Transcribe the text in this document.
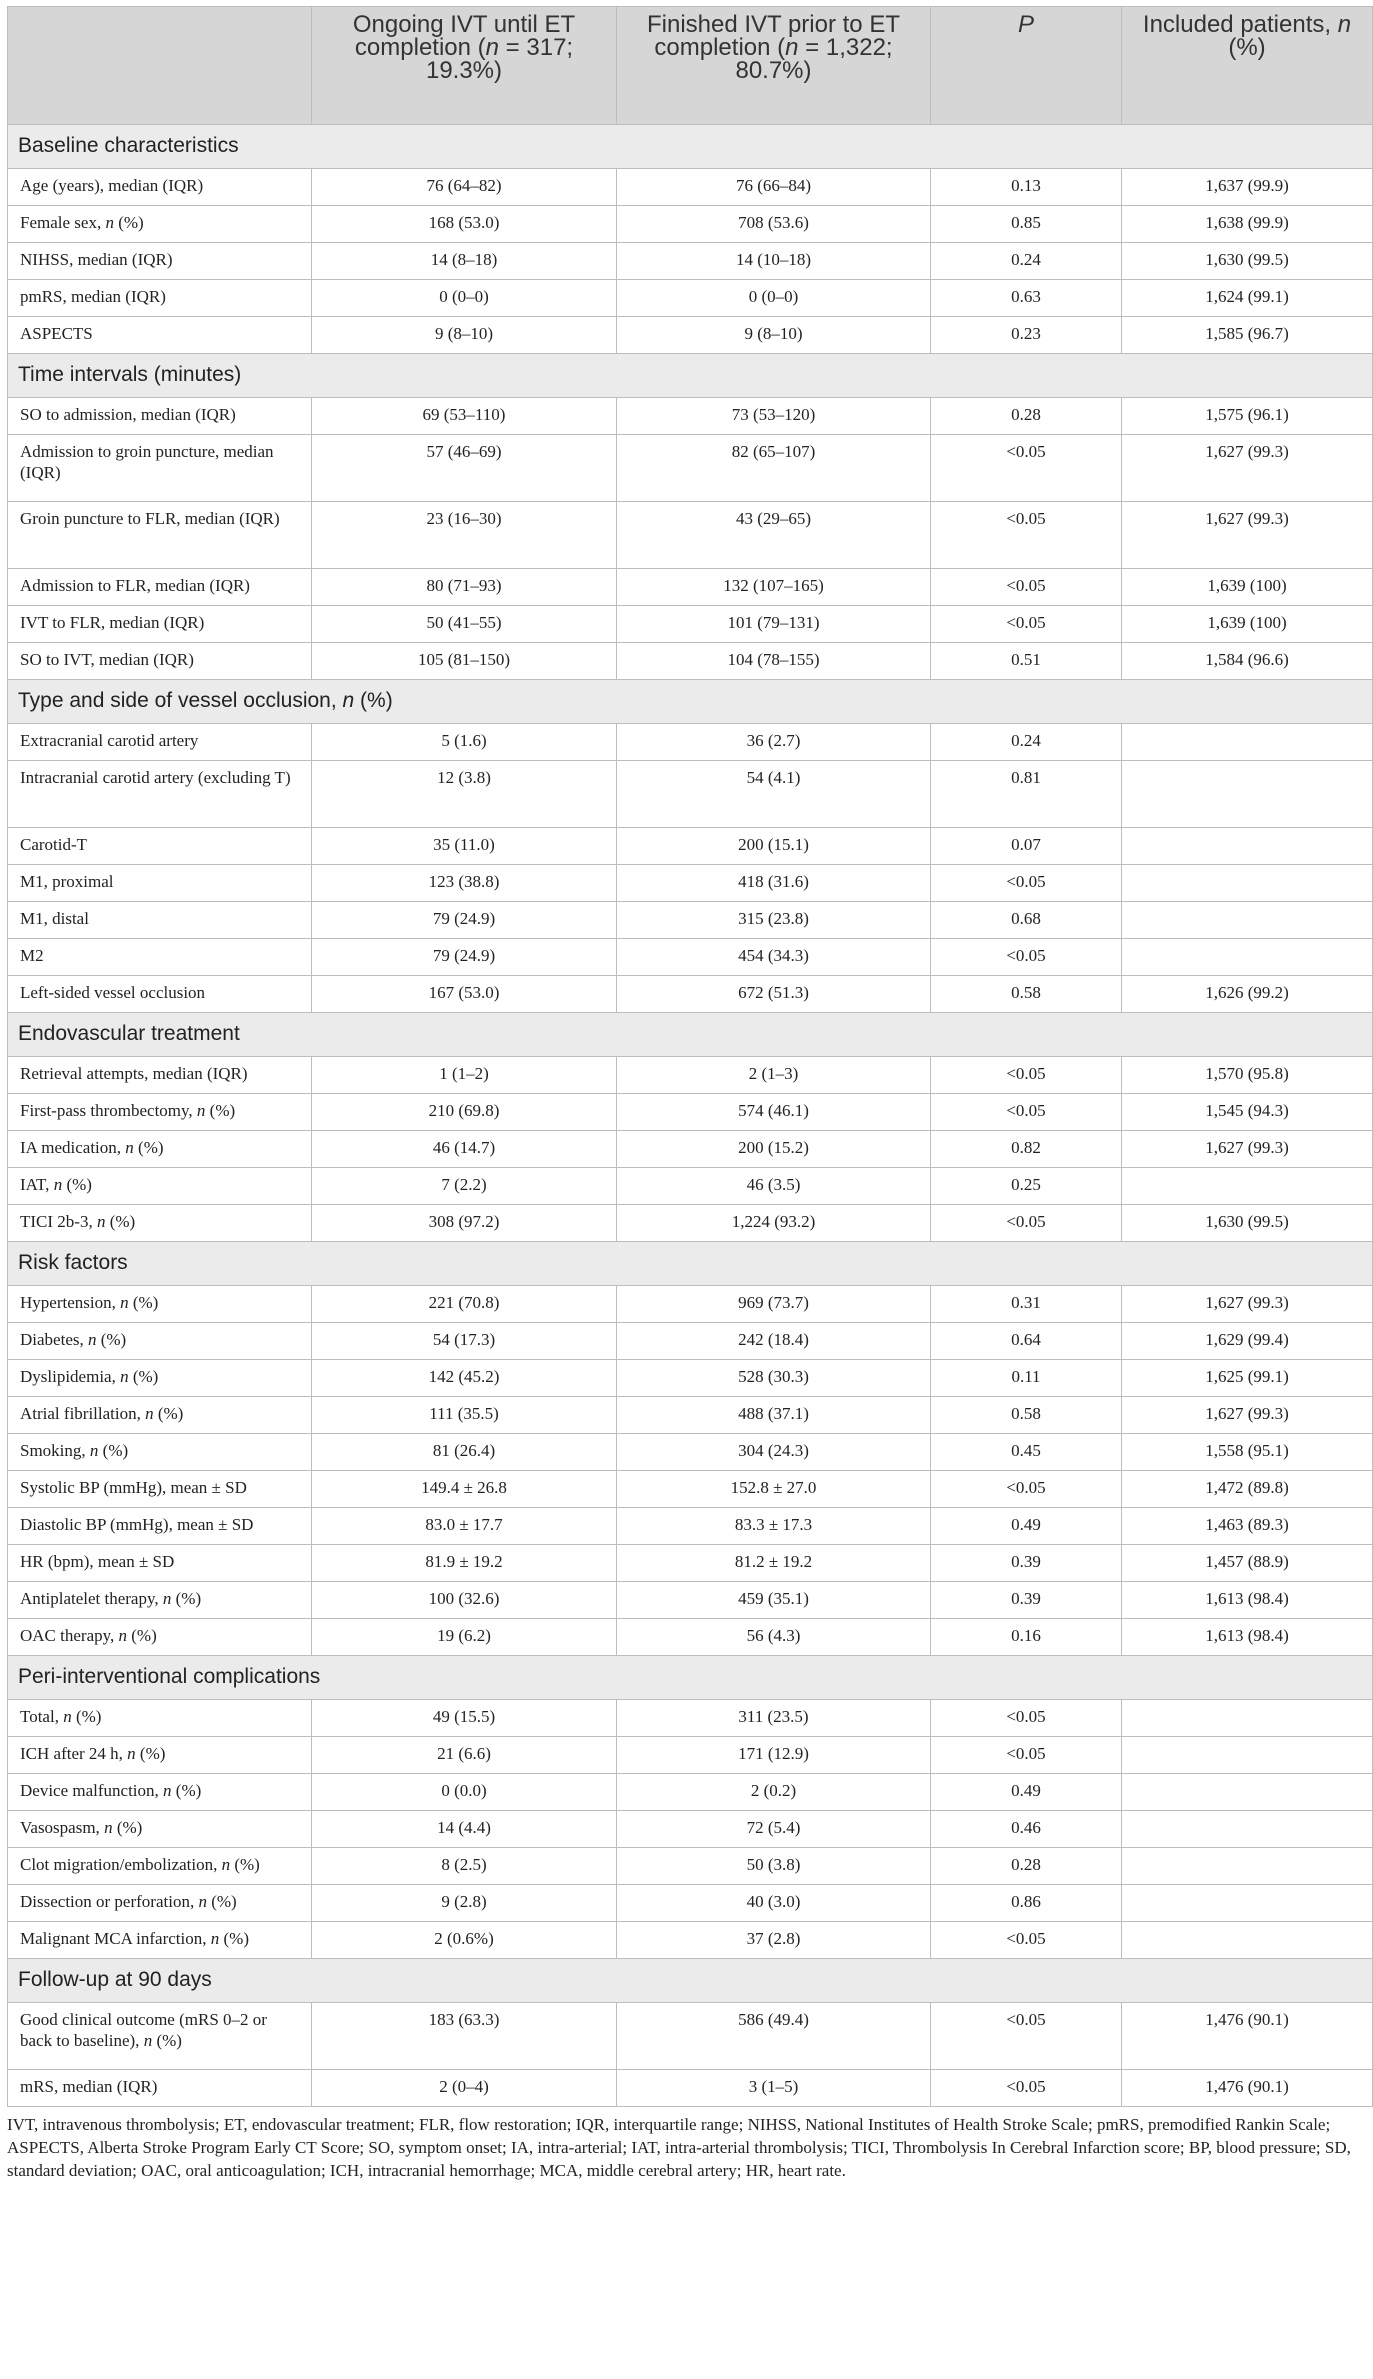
	Ongoing IVT until ET completion (n = 317; 19.3%)	Finished IVT prior to ET completion (n = 1,322; 80.7%)	P	Included patients, n (%)
Baseline characteristics				
Age (years), median (IQR)	76 (64–82)	76 (66–84)	0.13	1,637 (99.9)
Female sex, n (%)	168 (53.0)	708 (53.6)	0.85	1,638 (99.9)
NIHSS, median (IQR)	14 (8–18)	14 (10–18)	0.24	1,630 (99.5)
pmRS, median (IQR)	0 (0–0)	0 (0–0)	0.63	1,624 (99.1)
ASPECTS	9 (8–10)	9 (8–10)	0.23	1,585 (96.7)
Time intervals (minutes)				
SO to admission, median (IQR)	69 (53–110)	73 (53–120)	0.28	1,575 (96.1)
Admission to groin puncture, median (IQR)	57 (46–69)	82 (65–107)	<0.05	1,627 (99.3)
Groin puncture to FLR, median (IQR)	23 (16–30)	43 (29–65)	<0.05	1,627 (99.3)
Admission to FLR, median (IQR)	80 (71–93)	132 (107–165)	<0.05	1,639 (100)
IVT to FLR, median (IQR)	50 (41–55)	101 (79–131)	<0.05	1,639 (100)
SO to IVT, median (IQR)	105 (81–150)	104 (78–155)	0.51	1,584 (96.6)
Type and side of vessel occlusion, n (%)				
Extracranial carotid artery	5 (1.6)	36 (2.7)	0.24	
Intracranial carotid artery (excluding T)	12 (3.8)	54 (4.1)	0.81	
Carotid-T	35 (11.0)	200 (15.1)	0.07	
M1, proximal	123 (38.8)	418 (31.6)	<0.05	
M1, distal	79 (24.9)	315 (23.8)	0.68	
M2	79 (24.9)	454 (34.3)	<0.05	
Left-sided vessel occlusion	167 (53.0)	672 (51.3)	0.58	1,626 (99.2)
Endovascular treatment				
Retrieval attempts, median (IQR)	1 (1–2)	2 (1–3)	<0.05	1,570 (95.8)
First-pass thrombectomy, n (%)	210 (69.8)	574 (46.1)	<0.05	1,545 (94.3)
IA medication, n (%)	46 (14.7)	200 (15.2)	0.82	1,627 (99.3)
IAT, n (%)	7 (2.2)	46 (3.5)	0.25	
TICI 2b-3, n (%)	308 (97.2)	1,224 (93.2)	<0.05	1,630 (99.5)
Risk factors				
Hypertension, n (%)	221 (70.8)	969 (73.7)	0.31	1,627 (99.3)
Diabetes, n (%)	54 (17.3)	242 (18.4)	0.64	1,629 (99.4)
Dyslipidemia, n (%)	142 (45.2)	528 (30.3)	0.11	1,625 (99.1)
Atrial fibrillation, n (%)	111 (35.5)	488 (37.1)	0.58	1,627 (99.3)
Smoking, n (%)	81 (26.4)	304 (24.3)	0.45	1,558 (95.1)
Systolic BP (mmHg), mean ± SD	149.4 ± 26.8	152.8 ± 27.0	<0.05	1,472 (89.8)
Diastolic BP (mmHg), mean ± SD	83.0 ± 17.7	83.3 ± 17.3	0.49	1,463 (89.3)
HR (bpm), mean ± SD	81.9 ± 19.2	81.2 ± 19.2	0.39	1,457 (88.9)
Antiplatelet therapy, n (%)	100 (32.6)	459 (35.1)	0.39	1,613 (98.4)
OAC therapy, n (%)	19 (6.2)	56 (4.3)	0.16	1,613 (98.4)
Peri-interventional complications				
Total, n (%)	49 (15.5)	311 (23.5)	<0.05	
ICH after 24 h, n (%)	21 (6.6)	171 (12.9)	<0.05	
Device malfunction, n (%)	0 (0.0)	2 (0.2)	0.49	
Vasospasm, n (%)	14 (4.4)	72 (5.4)	0.46	
Clot migration/embolization, n (%)	8 (2.5)	50 (3.8)	0.28	
Dissection or perforation, n (%)	9 (2.8)	40 (3.0)	0.86	
Malignant MCA infarction, n (%)	2 (0.6%)	37 (2.8)	<0.05	
Follow-up at 90 days				
Good clinical outcome (mRS 0–2 or back to baseline), n (%)	183 (63.3)	586 (49.4)	<0.05	1,476 (90.1)
mRS, median (IQR)	2 (0–4)	3 (1–5)	<0.05	1,476 (90.1)
IVT, intravenous thrombolysis; ET, endovascular treatment; FLR, flow restoration; IQR, interquartile range; NIHSS, National Institutes of Health Stroke Scale; pmRS, premodified Rankin Scale; ASPECTS, Alberta Stroke Program Early CT Score; SO, symptom onset; IA, intra-arterial; IAT, intra-arterial thrombolysis; TICI, Thrombolysis In Cerebral Infarction score; BP, blood pressure; SD, standard deviation; OAC, oral anticoagulation; ICH, intracranial hemorrhage; MCA, middle cerebral artery; HR, heart rate.
